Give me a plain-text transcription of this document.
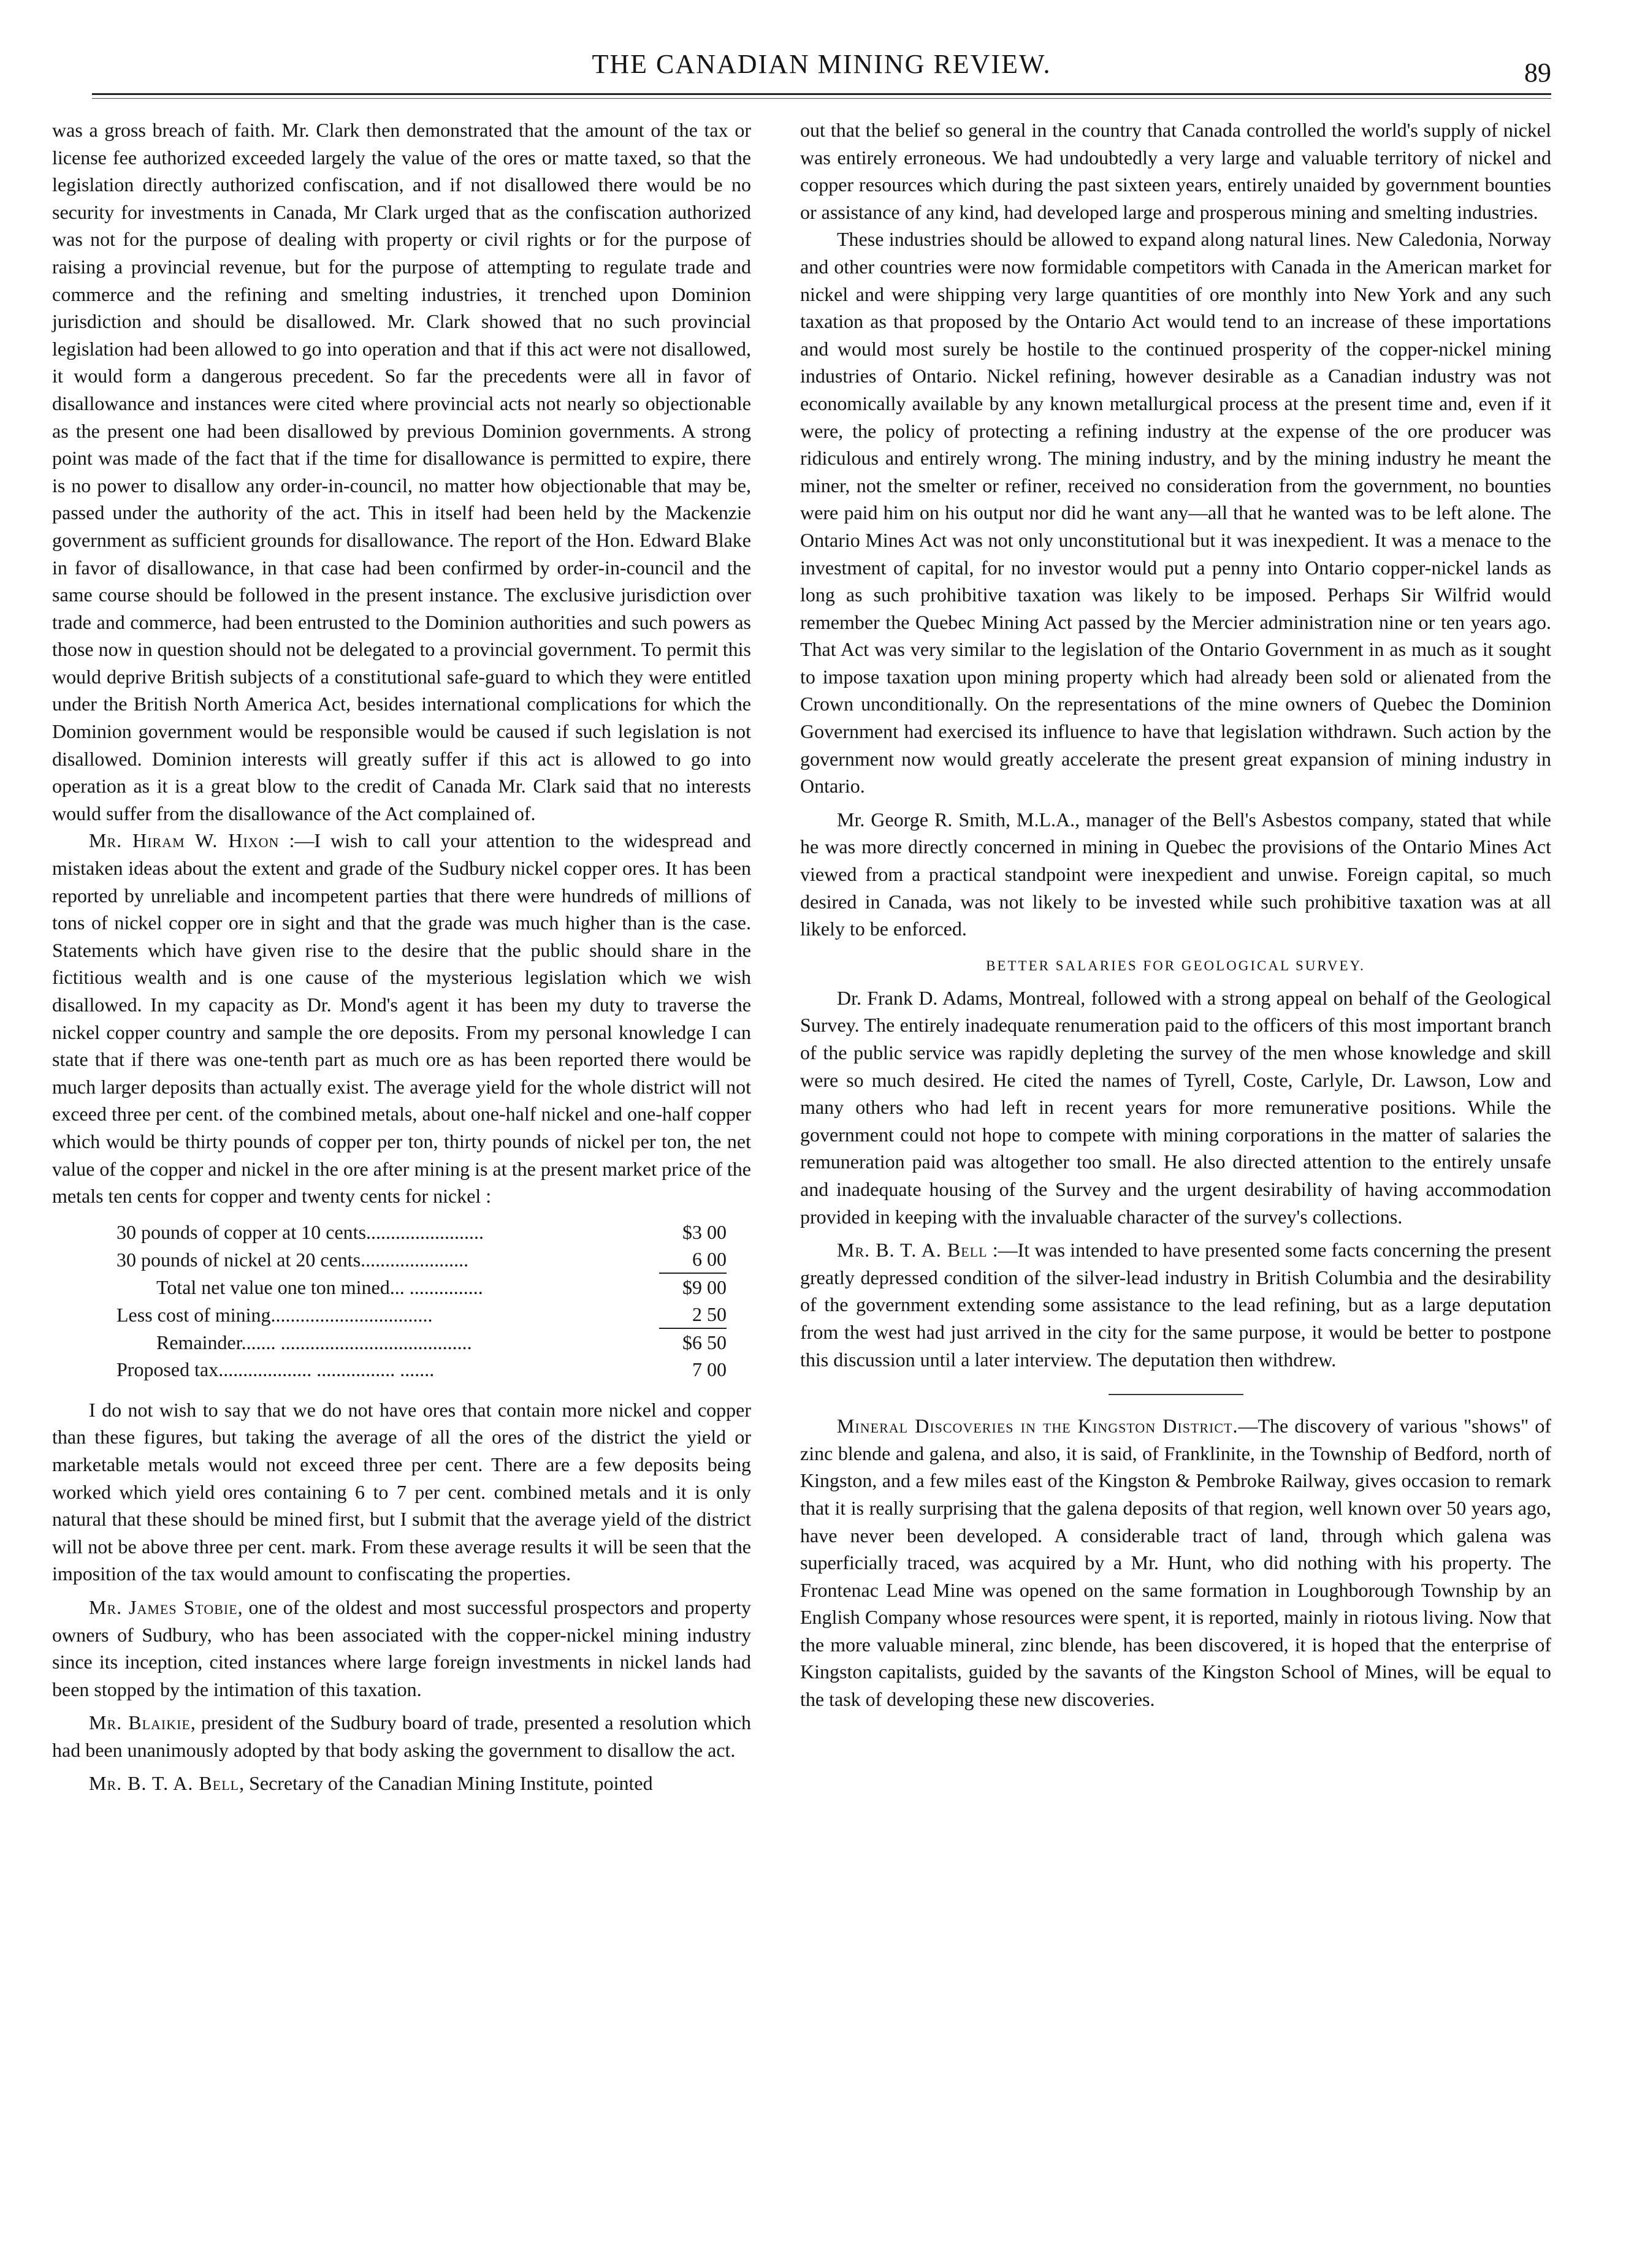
THE CANADIAN MINING REVIEW.	89

was a gross breach of faith. Mr. Clark then demonstrated that the amount of the tax or license fee authorized exceeded largely the value of the ores or matte taxed, so that the legislation directly authorized confiscation, and if not disallowed there would be no security for investments in Canada, Mr Clark urged that as the confiscation authorized was not for the purpose of dealing with property or civil rights or for the purpose of raising a provincial revenue, but for the purpose of attempting to regulate trade and commerce and the refining and smelting industries, it trenched upon Dominion jurisdiction and should be disallowed. Mr. Clark showed that no such provincial legislation had been allowed to go into operation and that if this act were not disallowed, it would form a dangerous precedent. So far the precedents were all in favor of disallowance and instances were cited where provincial acts not nearly so objectionable as the present one had been disallowed by previous Dominion governments. A strong point was made of the fact that if the time for disallowance is permitted to expire, there is no power to disallow any order-in-council, no matter how objectionable that may be, passed under the authority of the act. This in itself had been held by the Mackenzie government as sufficient grounds for disallowance. The report of the Hon. Edward Blake in favor of disallowance, in that case had been confirmed by order-in-council and the same course should be followed in the present instance. The exclusive jurisdiction over trade and commerce, had been entrusted to the Dominion authorities and such powers as those now in question should not be delegated to a provincial government. To permit this would deprive British subjects of a constitutional safe-guard to which they were entitled under the British North America Act, besides international complications for which the Dominion government would be responsible would be caused if such legislation is not disallowed. Dominion interests will greatly suffer if this act is allowed to go into operation as it is a great blow to the credit of Canada Mr. Clark said that no interests would suffer from the disallowance of the Act complained of.

Mr. Hiram W. Hixon :—I wish to call your attention to the widespread and mistaken ideas about the extent and grade of the Sudbury nickel copper ores. It has been reported by unreliable and incompetent parties that there were hundreds of millions of tons of nickel copper ore in sight and that the grade was much higher than is the case. Statements which have given rise to the desire that the public should share in the fictitious wealth and is one cause of the mysterious legislation which we wish disallowed. In my capacity as Dr. Mond's agent it has been my duty to traverse the nickel copper country and sample the ore deposits. From my personal knowledge I can state that if there was one-tenth part as much ore as has been reported there would be much larger deposits than actually exist. The average yield for the whole district will not exceed three per cent. of the combined metals, about one-half nickel and one-half copper which would be thirty pounds of copper per ton, thirty pounds of nickel per ton, the net value of the copper and nickel in the ore after mining is at the present market price of the metals ten cents for copper and twenty cents for nickel :

30 pounds of copper at 10 cents........................	$3 00
30 pounds of nickel at 20 cents......................	6 00
Total net value one ton mined... ...............	$9 00
Less cost of mining.................................	2 50
Remainder....... .......................................	$6 50
Proposed tax................... ................ .......	7 00

I do not wish to say that we do not have ores that contain more nickel and copper than these figures, but taking the average of all the ores of the district the yield or marketable metals would not exceed three per cent. There are a few deposits being worked which yield ores containing 6 to 7 per cent. combined metals and it is only natural that these should be mined first, but I submit that the average yield of the district will not be above three per cent. mark. From these average results it will be seen that the imposition of the tax would amount to confiscating the properties.

Mr. James Stobie, one of the oldest and most successful prospectors and property owners of Sudbury, who has been associated with the copper-nickel mining industry since its inception, cited instances where large foreign investments in nickel lands had been stopped by the intimation of this taxation.

Mr. Blaikie, president of the Sudbury board of trade, presented a resolution which had been unanimously adopted by that body asking the government to disallow the act.

Mr. B. T. A. Bell, Secretary of the Canadian Mining Institute, pointed

out that the belief so general in the country that Canada controlled the world's supply of nickel was entirely erroneous. We had undoubtedly a very large and valuable territory of nickel and copper resources which during the past sixteen years, entirely unaided by government bounties or assistance of any kind, had developed large and prosperous mining and smelting industries.

These industries should be allowed to expand along natural lines. New Caledonia, Norway and other countries were now formidable competitors with Canada in the American market for nickel and were shipping very large quantities of ore monthly into New York and any such taxation as that proposed by the Ontario Act would tend to an increase of these importations and would most surely be hostile to the continued prosperity of the copper-nickel mining industries of Ontario. Nickel refining, however desirable as a Canadian industry was not economically available by any known metallurgical process at the present time and, even if it were, the policy of protecting a refining industry at the expense of the ore producer was ridiculous and entirely wrong. The mining industry, and by the mining industry he meant the miner, not the smelter or refiner, received no consideration from the government, no bounties were paid him on his output nor did he want any—all that he wanted was to be left alone. The Ontario Mines Act was not only unconstitutional but it was inexpedient. It was a menace to the investment of capital, for no investor would put a penny into Ontario copper-nickel lands as long as such prohibitive taxation was likely to be imposed. Perhaps Sir Wilfrid would remember the Quebec Mining Act passed by the Mercier administration nine or ten years ago. That Act was very similar to the legislation of the Ontario Government in as much as it sought to impose taxation upon mining property which had already been sold or alienated from the Crown unconditionally. On the representations of the mine owners of Quebec the Dominion Government had exercised its influence to have that legislation withdrawn. Such action by the government now would greatly accelerate the present great expansion of mining industry in Ontario.

Mr. George R. Smith, M.L.A., manager of the Bell's Asbestos company, stated that while he was more directly concerned in mining in Quebec the provisions of the Ontario Mines Act viewed from a practical standpoint were inexpedient and unwise. Foreign capital, so much desired in Canada, was not likely to be invested while such prohibitive taxation was at all likely to be enforced.

BETTER SALARIES FOR GEOLOGICAL SURVEY.

Dr. Frank D. Adams, Montreal, followed with a strong appeal on behalf of the Geological Survey. The entirely inadequate renumeration paid to the officers of this most important branch of the public service was rapidly depleting the survey of the men whose knowledge and skill were so much desired. He cited the names of Tyrell, Coste, Carlyle, Dr. Lawson, Low and many others who had left in recent years for more remunerative positions. While the government could not hope to compete with mining corporations in the matter of salaries the remuneration paid was altogether too small. He also directed attention to the entirely unsafe and inadequate housing of the Survey and the urgent desirability of having accommodation provided in keeping with the invaluable character of the survey's collections.

Mr. B. T. A. Bell :—It was intended to have presented some facts concerning the present greatly depressed condition of the silver-lead industry in British Columbia and the desirability of the government extending some assistance to the lead refining, but as a large deputation from the west had just arrived in the city for the same purpose, it would be better to postpone this discussion until a later interview. The deputation then withdrew.

Mineral Discoveries in the Kingston District.—The discovery of various "shows" of zinc blende and galena, and also, it is said, of Franklinite, in the Township of Bedford, north of Kingston, and a few miles east of the Kingston & Pembroke Railway, gives occasion to remark that it is really surprising that the galena deposits of that region, well known over 50 years ago, have never been developed. A considerable tract of land, through which galena was superficially traced, was acquired by a Mr. Hunt, who did nothing with his property. The Frontenac Lead Mine was opened on the same formation in Loughborough Township by an English Company whose resources were spent, it is reported, mainly in riotous living. Now that the more valuable mineral, zinc blende, has been discovered, it is hoped that the enterprise of Kingston capitalists, guided by the savants of the Kingston School of Mines, will be equal to the task of developing these new discoveries.
